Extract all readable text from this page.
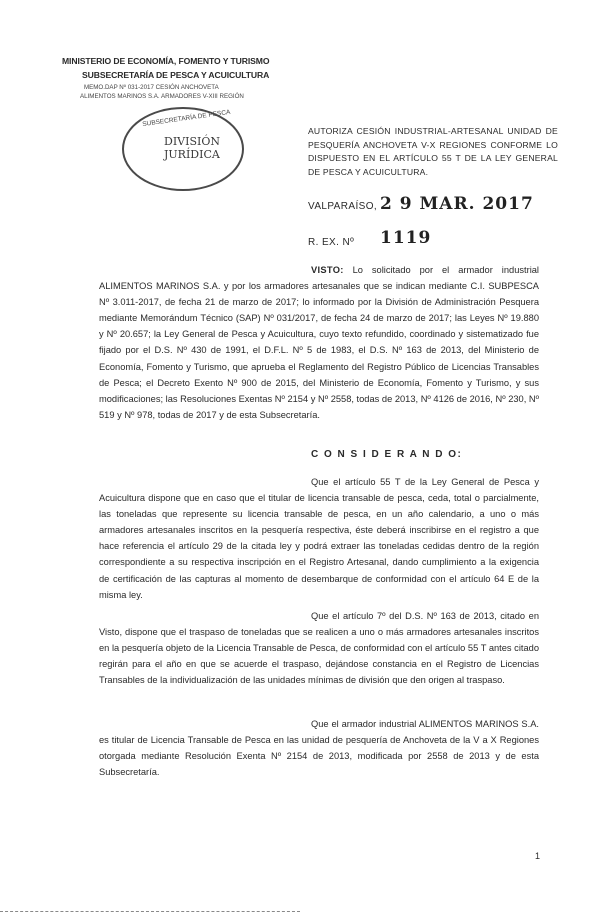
MINISTERIO DE ECONOMÍA, FOMENTO Y TURISMO
SUBSECRETARÍA DE PESCA Y ACUICULTURA
MEMO.DAP Nº 031-2017 CESIÓN ANCHOVETA
ALIMENTOS MARINOS S.A. ARMADORES V-XIII REGIÓN
SUBSECRETARÍA DE PESCA
DIVISIÓN
JURÍDICA
AUTORIZA CESIÓN INDUSTRIAL-ARTESANAL UNIDAD DE PESQUERÍA ANCHOVETA V-X REGIONES CONFORME LO DISPUESTO EN EL ARTÍCULO 55 T DE LA LEY GENERAL DE PESCA Y ACUICULTURA.
VALPARAÍSO, 2 9 MAR. 2017
R. EX. Nº 1119
VISTO: Lo solicitado por el armador industrial ALIMENTOS MARINOS S.A. y por los armadores artesanales que se indican mediante C.I. SUBPESCA Nº 3.011-2017, de fecha 21 de marzo de 2017; lo informado por la División de Administración Pesquera mediante Memorándum Técnico (SAP) Nº 031/2017, de fecha 24 de marzo de 2017; las Leyes Nº 19.880 y Nº 20.657; la Ley General de Pesca y Acuicultura, cuyo texto refundido, coordinado y sistematizado fue fijado por el D.S. Nº 430 de 1991, el D.F.L. Nº 5 de 1983, el D.S. Nº 163 de 2013, del Ministerio de Economía, Fomento y Turismo, que aprueba el Reglamento del Registro Público de Licencias Transables de Pesca; el Decreto Exento Nº 900 de 2015, del Ministerio de Economía, Fomento y Turismo, y sus modificaciones; las Resoluciones Exentas Nº 2154 y Nº 2558, todas de 2013, Nº 4126 de 2016, Nº 230, Nº 519 y Nº 978, todas de 2017 y de esta Subsecretaría.
C O N S I D E R A N D O:
Que el artículo 55 T de la Ley General de Pesca y Acuicultura dispone que en caso que el titular de licencia transable de pesca, ceda, total o parcialmente, las toneladas que represente su licencia transable de pesca, en un año calendario, a uno o más armadores artesanales inscritos en la pesquería respectiva, éste deberá inscribirse en el registro a que hace referencia el artículo 29 de la citada ley y podrá extraer las toneladas cedidas dentro de la región correspondiente a su respectiva inscripción en el Registro Artesanal, dando cumplimiento a la exigencia de certificación de las capturas al momento de desembarque de conformidad con el artículo 64 E de la misma ley.
Que el artículo 7º del D.S. Nº 163 de 2013, citado en Visto, dispone que el traspaso de toneladas que se realicen a uno o más armadores artesanales inscritos en la pesquería objeto de la Licencia Transable de Pesca, de conformidad con el artículo 55 T antes citado regirán para el año en que se acuerde el traspaso, dejándose constancia en el Registro de Licencias Transables de la individualización de las unidades mínimas de división que den origen al traspaso.
Que el armador industrial ALIMENTOS MARINOS S.A. es titular de Licencia Transable de Pesca en las unidad de pesquería de Anchoveta de la V a X Regiones otorgada mediante Resolución Exenta Nº 2154 de 2013, modificada por 2558 de 2013 y de esta Subsecretaría.
1
